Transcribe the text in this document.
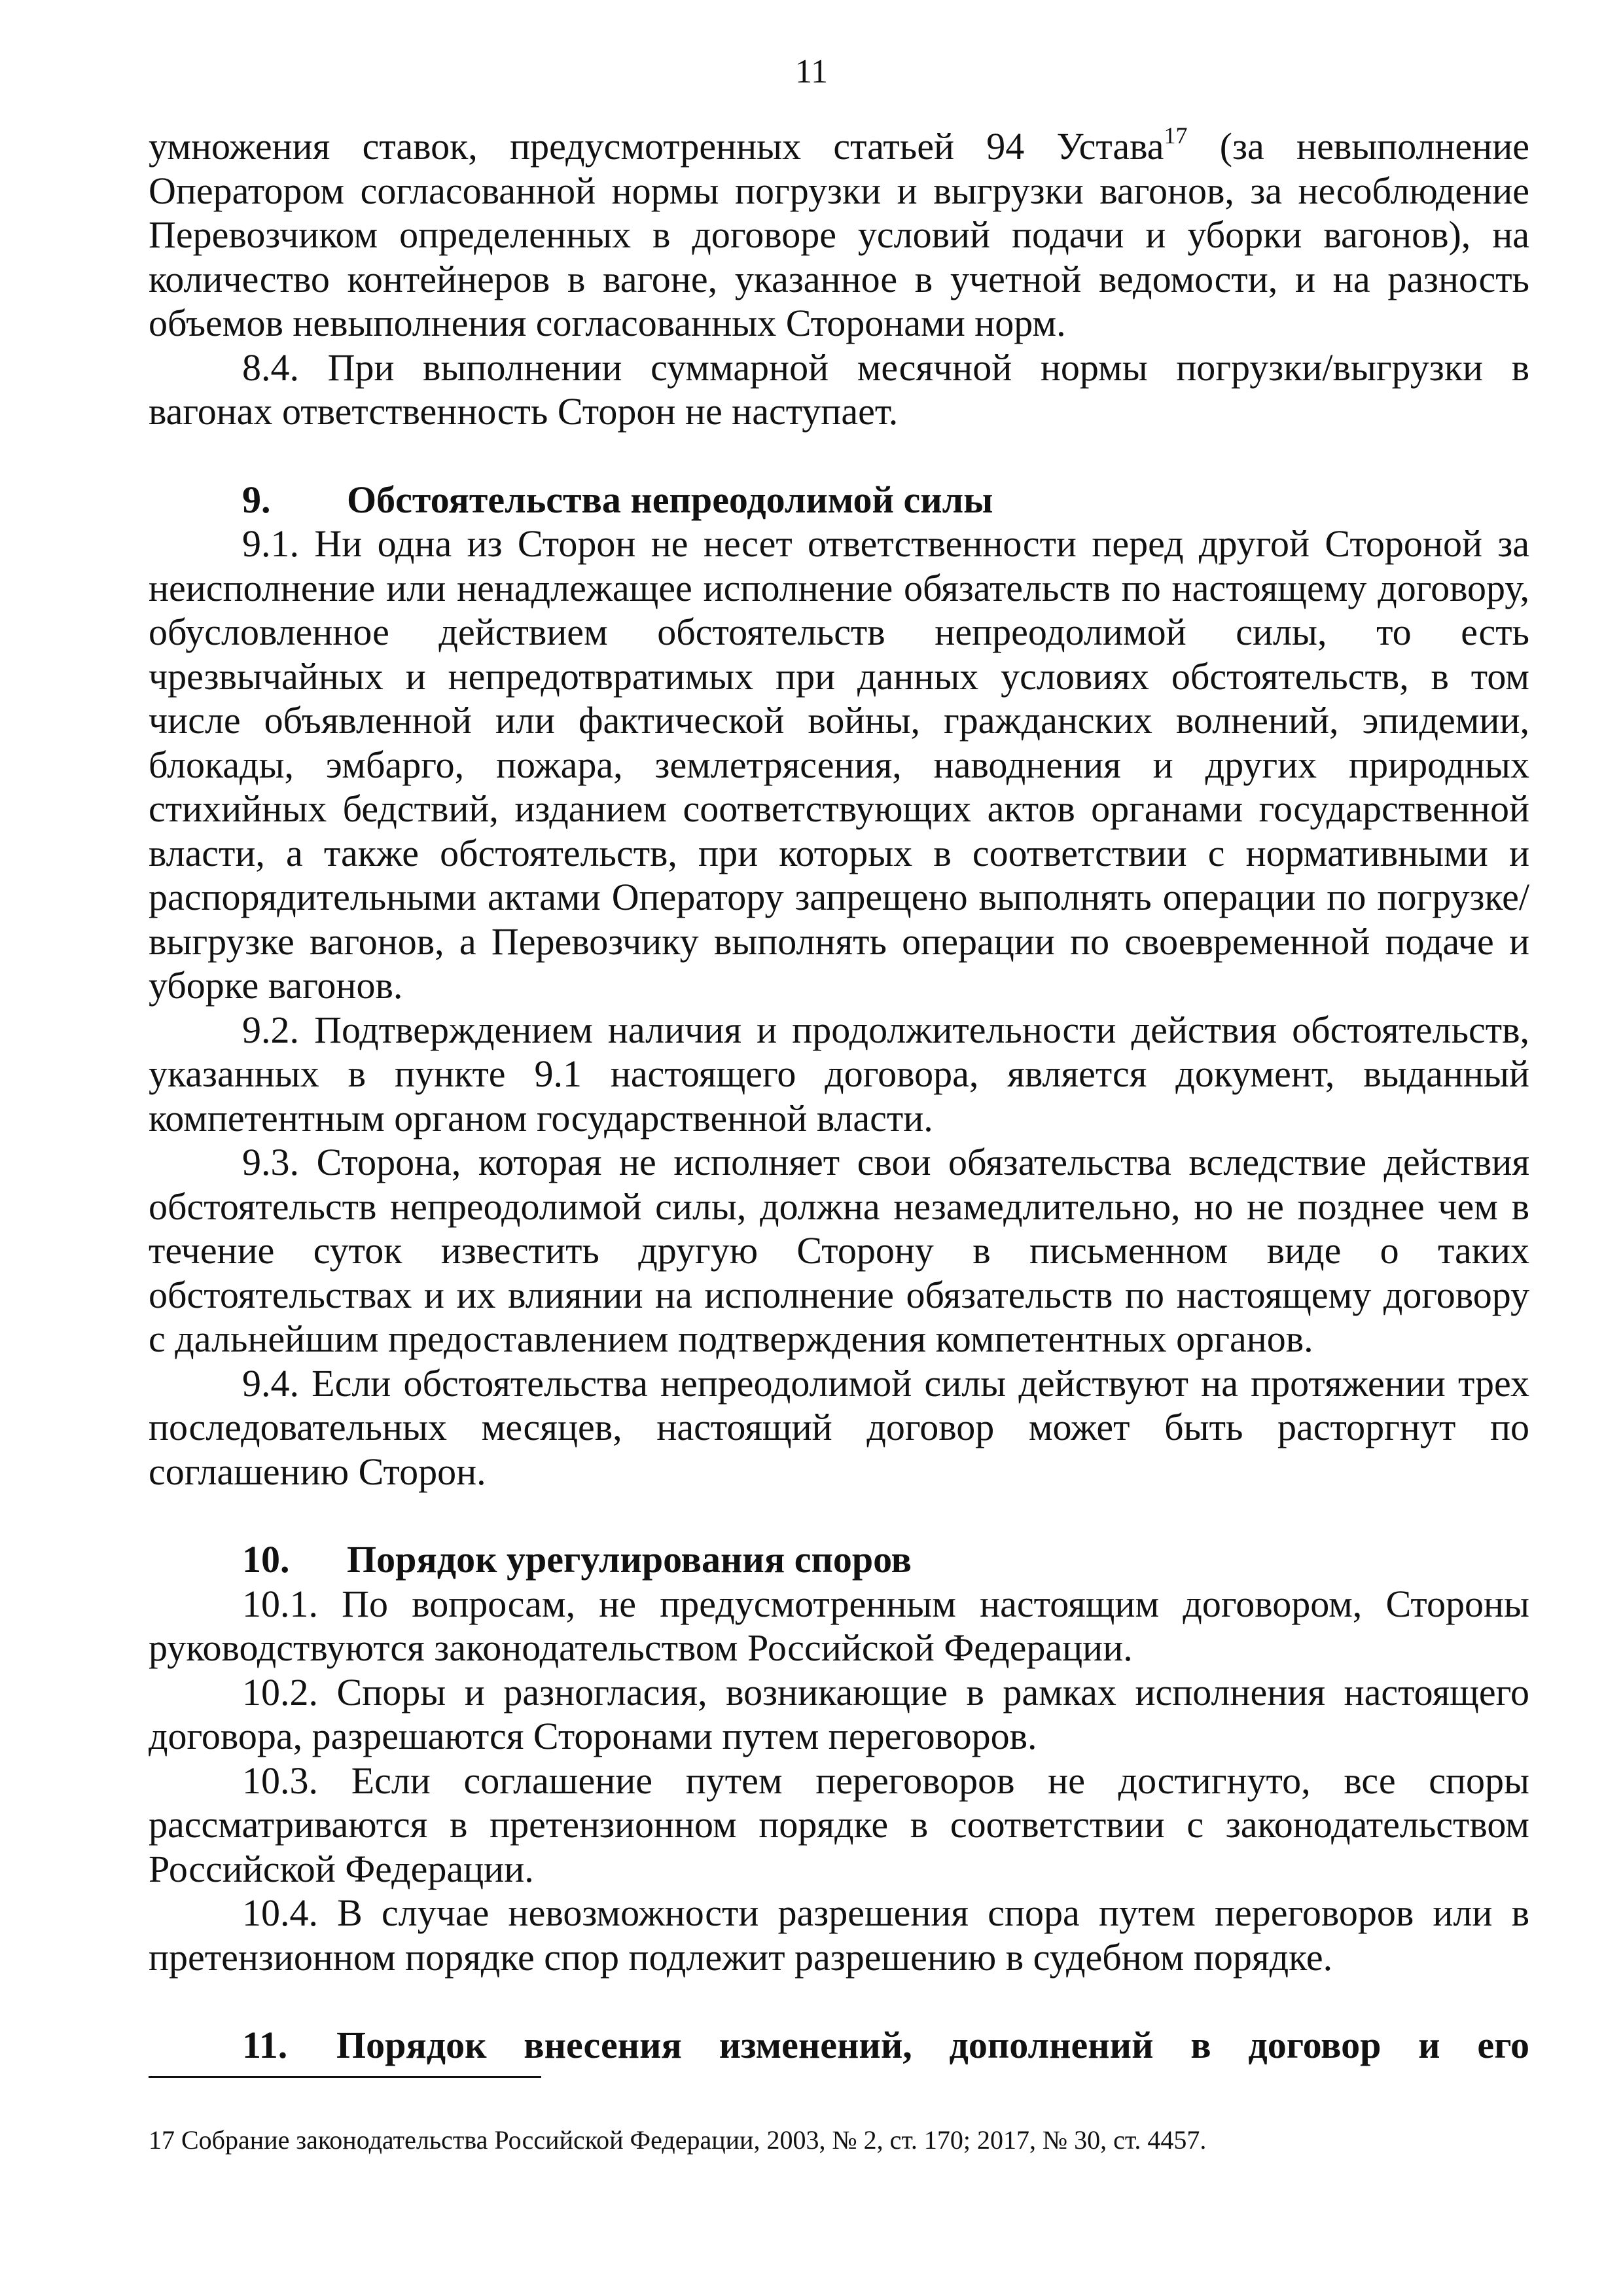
11

умножения ставок, предусмотренных статьей 94 Устава$^{17}$ (за невыполнение Оператором согласованной нормы погрузки и выгрузки вагонов, за несоблюдение Перевозчиком определенных в договоре условий подачи и уборки вагонов), на количество контейнеров в вагоне, указанное в учетной ведомости, и на разность объемов невыполнения согласованных Сторонами норм.

8.4. При выполнении суммарной месячной нормы погрузки/выгрузки в вагонах ответственность Сторон не наступает.

9. Обстоятельства непреодолимой силы

9.1. Ни одна из Сторон не несет ответственности перед другой Стороной за неисполнение или ненадлежащее исполнение обязательств по настоящему договору, обусловленное действием обстоятельств непреодолимой силы, то есть чрезвычайных и непредотвратимых при данных условиях обстоятельств, в том числе объявленной или фактической войны, гражданских волнений, эпидемии, блокады, эмбарго, пожара, землетрясения, наводнения и других природных стихийных бедствий, изданием соответствующих актов органами государственной власти, а также обстоятельств, при которых в соответствии с нормативными и распорядительными актами Оператору запрещено выполнять операции по погрузке/выгрузке вагонов, а Перевозчику выполнять операции по своевременной подаче и уборке вагонов.

9.2. Подтверждением наличия и продолжительности действия обстоятельств, указанных в пункте 9.1 настоящего договора, является документ, выданный компетентным органом государственной власти.

9.3. Сторона, которая не исполняет свои обязательства вследствие действия обстоятельств непреодолимой силы, должна незамедлительно, но не позднее чем в течение суток известить другую Сторону в письменном виде о таких обстоятельствах и их влиянии на исполнение обязательств по настоящему договору с дальнейшим предоставлением подтверждения компетентных органов.

9.4. Если обстоятельства непреодолимой силы действуют на протяжении трех последовательных месяцев, настоящий договор может быть расторгнут по соглашению Сторон.

10. Порядок урегулирования споров

10.1. По вопросам, не предусмотренным настоящим договором, Стороны руководствуются законодательством Российской Федерации.

10.2. Споры и разногласия, возникающие в рамках исполнения настоящего договора, разрешаются Сторонами путем переговоров.

10.3. Если соглашение путем переговоров не достигнуто, все споры рассматриваются в претензионном порядке в соответствии с законодательством Российской Федерации.

10.4. В случае невозможности разрешения спора путем переговоров или в претензионном порядке спор подлежит разрешению в судебном порядке.

11.	Порядок внесения изменений, дополнений в договор и его

17 Собрание законодательства Российской Федерации, 2003, № 2, ст. 170; 2017, № 30, ст. 4457.
